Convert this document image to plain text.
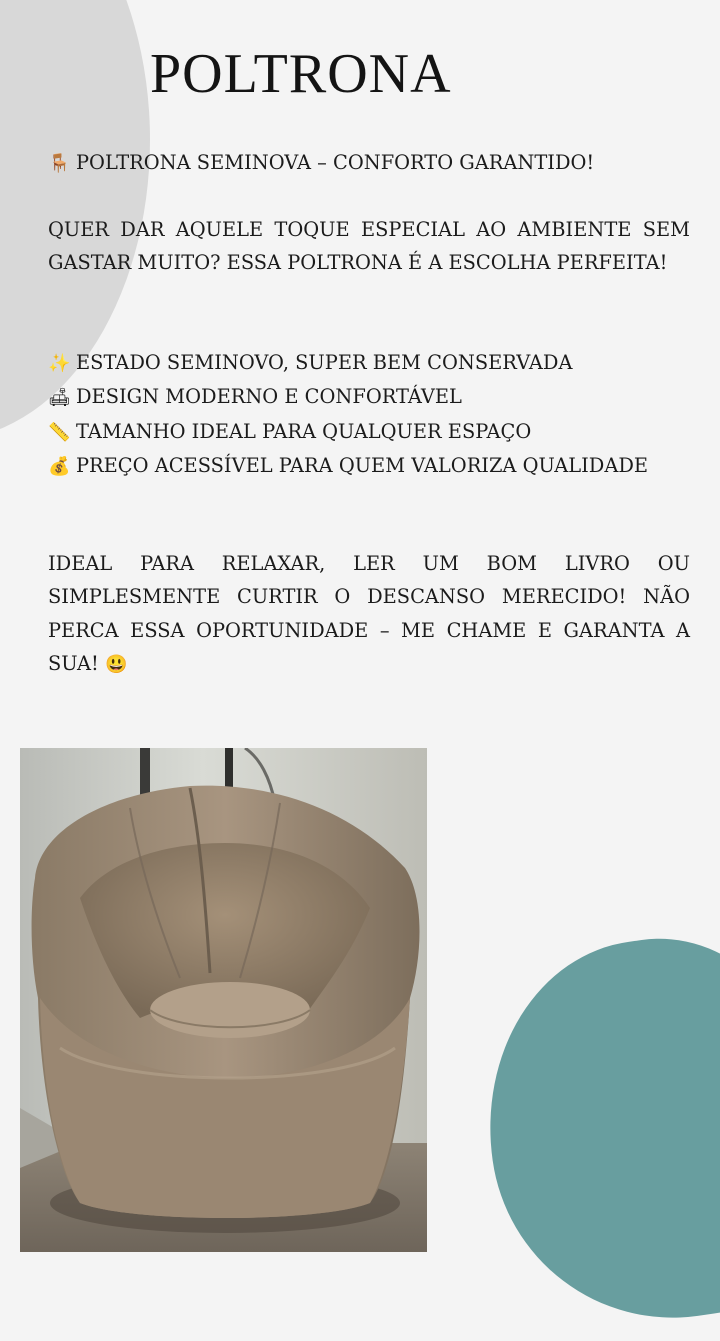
POLTRONA

🪑 POLTRONA SEMINOVA – CONFORTO GARANTIDO!

QUER DAR AQUELE TOQUE ESPECIAL AO AMBIENTE SEM GASTAR MUITO? ESSA POLTRONA É A ESCOLHA PERFEITA!

✨ ESTADO SEMINOVO, SUPER BEM CONSERVADA
🛋 DESIGN MODERNO E CONFORTÁVEL
📏 TAMANHO IDEAL PARA QUALQUER ESPAÇO
💰 PREÇO ACESSÍVEL PARA QUEM VALORIZA QUALIDADE

IDEAL PARA RELAXAR, LER UM BOM LIVRO OU SIMPLESMENTE CURTIR O DESCANSO MERECIDO! NÃO PERCA ESSA OPORTUNIDADE – ME CHAME E GARANTA A SUA! 😃
